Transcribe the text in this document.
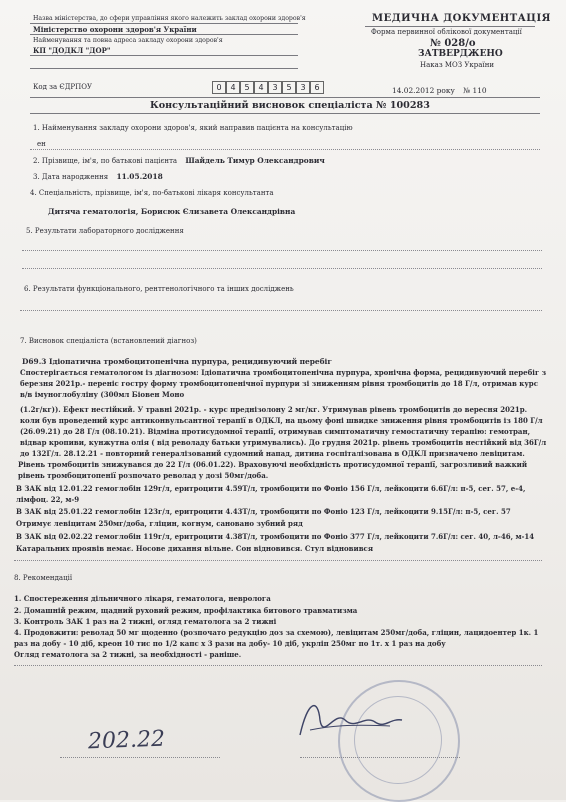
Назва міністерства, до сфери управління якого належить заклад охорони здоров'я
Міністерство охорони здоров'я України
Найменування та повна адреса закладу охорони здоров'я
КП "ДОДКЛ "ДОР"
Код за ЄДРПОУ	0	4	5	4	3	5	3	6
МЕДИЧНА ДОКУМЕНТАЦІЯ
Форма первинної облікової документації
№ 028/о
ЗАТВЕРДЖЕНО
Наказ МОЗ України
14.02.2012 року № 110
Консультаційний висновок спеціаліста № 100283
1. Найменування закладу охорони здоров'я, який направив пацієнта на консультацію
ен
2. Прізвище, ім'я, по батькові пацієнта Шайдель Тимур Олександрович
3. Дата народження 11.05.2018
4. Спеціальність, прізвище, ім'я, по-батькові лікаря консультанта
Дитяча гематологія, Борисюк Єлизавета Олександрівна
5. Результати лабораторного дослідження
6. Результати функціонального, рентгенологічного та інших досліджень
7. Висновок спеціаліста (встановлений діагноз)
D69.3 Ідіопатична тромбоцитопенічна пурпура, рецидивуючий перебіг
Спостерігається гематологом із діагнозом: Ідіопатична тромбоцитопенічна пурпура, хронічна форма, рецидивуючий перебіг з
березня 2021р.- переніс гостру форму тромбоцитопенічної пурпури зі зниженням рівня тромбоцитів до 18 Г/л, отримав курс
в/в імуноглобуліну (300мл Біовен Моно
(1.2г/кг)). Ефект нестійкий. У травні 2021р. - курс преднізолону 2 мг/кг. Утримував рівень тромбоцитів до вересня 2021р.
коли був проведений курс антиконвульсантної терапії в ОДКЛ, на цьому фоні швидке зниження рівня тромбоцитів із 180 Г/л
(26.09.21) до 28 Г/л (08.10.21). Відміна протисудомної терапії, отримував симптоматичну гемостатичну терапію: гемотран,
відвар кропиви, кунжутна олія ( від револаду батьки утримувались). До грудня 2021р. рівень тромбоцитів нестійкий від 36Г/л
до 132Г/л. 28.12.21 - повторний генералізований судомний напад, дитина госпіталізована в ОДКЛ призначено левіцитам.
Рівень тромбоцитів знижувався до 22 Г/л (06.01.22). Враховуючі необхідність протисудомної терапії, загрозливий важкий
рівень тромбоцитопенії розпочато револад у дозі 50мг/доба.
В ЗАК від 12.01.22 гемоглобін 129г/л, еритроцити 4.59Т/л, тромбоцити по Фоніо 156 Г/л, лейкоцити 6.6Г/л: п-5, сег. 57, е-4,
лімфоц. 22, м-9
В ЗАК від 25.01.22 гемоглобін 123г/л, еритроцити 4.43Т/л, тромбоцити по Фоніо 123 Г/л, лейкоцити 9.15Г/л: п-5, сег. 57
Отримує левіцитам 250мг/доба, гліцин, когнум, сановано зубний ряд
В ЗАК від 02.02.22 гемоглобін 119г/л, еритроцити 4.38Т/л, тромбоцити по Фоніо 377 Г/л, лейкоцити 7.6Г/л: сег. 40, л-46, м-14
Катаральних проявів немає. Носове дихання вільне. Сон відновився. Стул відновився
8. Рекомендації
1. Спостереження дільничного лікаря, гематолога, невролога
2. Домашній режим, щадний руховий режим, профілактика битового травматизма
3. Контроль ЗАК 1 раз на 2 тижні, огляд гематолога за 2 тижні
4. Продовжити: револад 50 мг щоденно (розпочато редукцію доз за схемою), левіцитам 250мг/доба, гліцин, лацидоентер 1к. 1
раз на добу - 10 діб, креон 10 тис по 1/2 капс х 3 рази на добу- 10 діб, укрліп 250мг по 1т. х 1 раз на добу
Огляд гематолога за 2 тижні, за необхідності - раніше.
202.22
